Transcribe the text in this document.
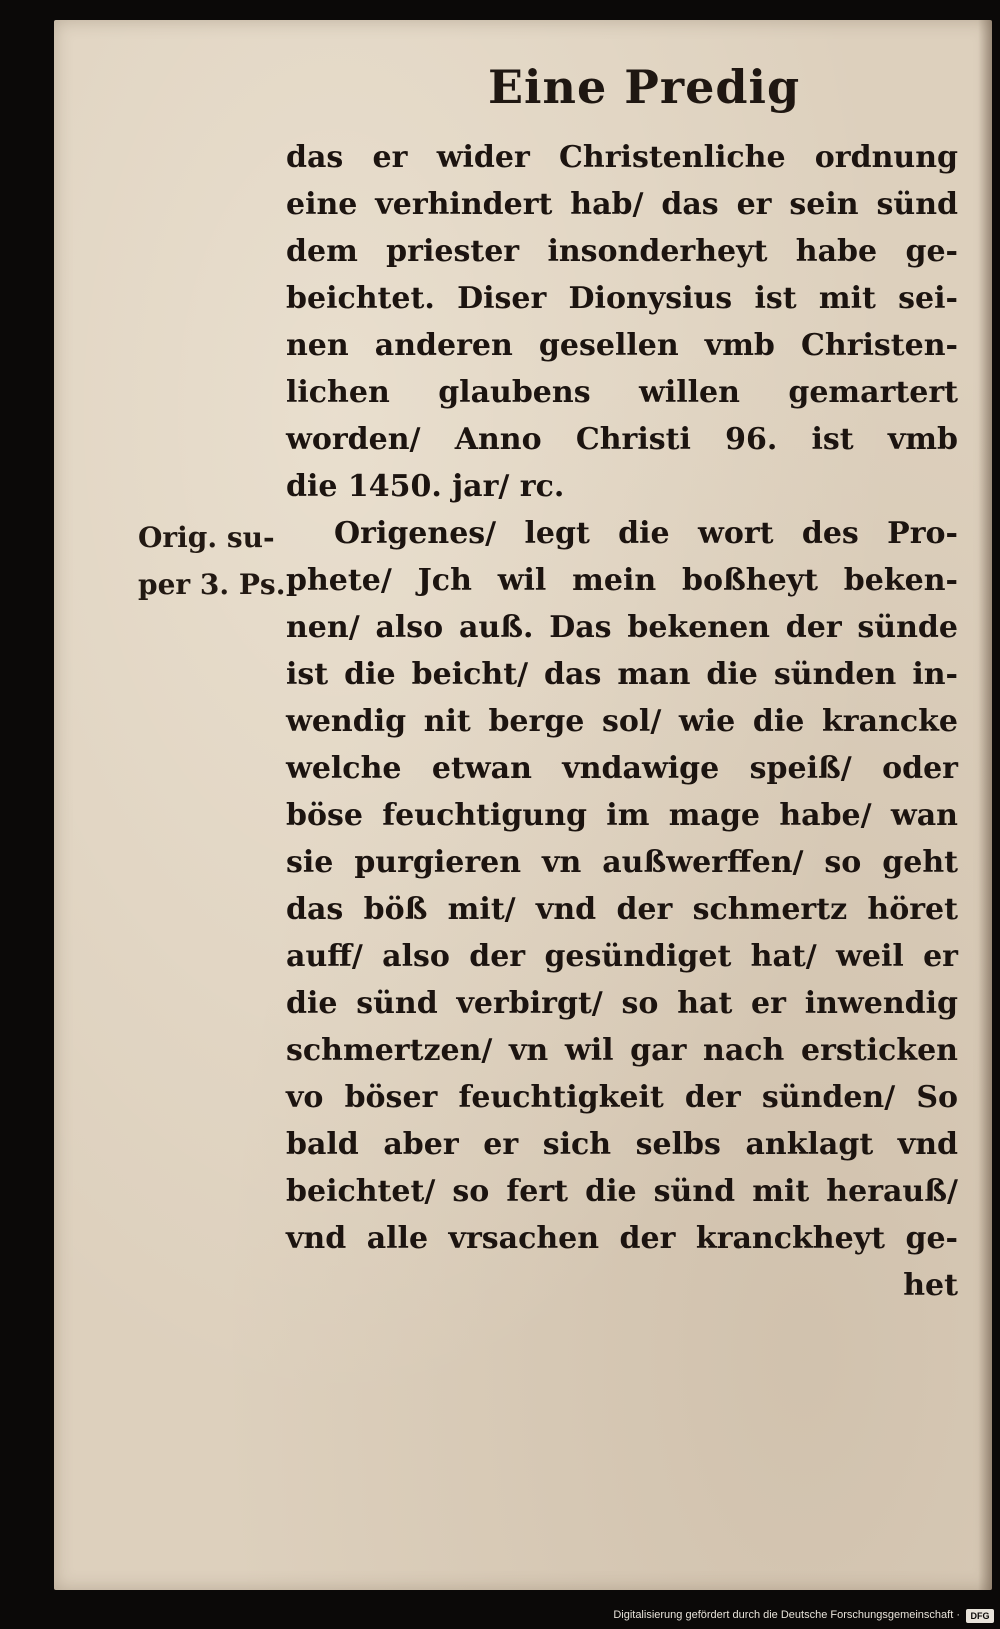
Eine Predig
Orig. su-
per 3. Ps.
das er wider Christenliche ordnung
eine verhindert hab/ das er sein sünd
dem priester insonderheyt habe ge-
beichtet. Diser Dionysius ist mit sei-
nen anderen gesellen vmb Christen-
lichen glaubens willen gemartert
worden/ Anno Christi 96. ist vmb
die 1450. jar/ rc.
Origenes/ legt die wort des Pro-
phete/ Jch wil mein boßheyt beken-
nen/ also auß. Das bekenen der sünde
ist die beicht/ das man die sünden in-
wendig nit berge sol/ wie die krancke
welche etwan vndawige speiß/ oder
böse feuchtigung im mage habe/ wan
sie purgieren vn außwerffen/ so geht
das böß mit/ vnd der schmertz höret
auff/ also der gesündiget hat/ weil er
die sünd verbirgt/ so hat er inwendig
schmertzen/ vn wil gar nach ersticken
vo böser feuchtigkeit der sünden/ So
bald aber er sich selbs anklagt vnd
beichtet/ so fert die sünd mit herauß/
vnd alle vrsachen der kranckheyt ge-
het
Digitalisierung gefördert durch die Deutsche Forschungsgemeinschaft ·	DFG
